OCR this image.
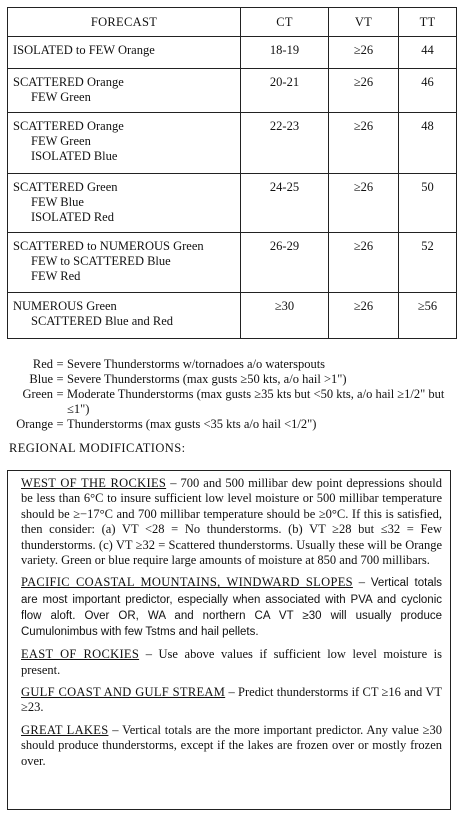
FORECAST	CT	VT	TT

ISOLATED to FEW Orange	18-19	≥26	44

SCATTERED Orange
FEW Green	20-21	≥26	46

SCATTERED Orange
FEW Green
ISOLATED Blue	22-23	≥26	48

SCATTERED Green
FEW Blue
ISOLATED Red	24-25	≥26	50

SCATTERED to NUMEROUS Green
FEW to SCATTERED Blue
FEW Red	26-29	≥26	52

NUMEROUS Green
SCATTERED Blue and Red	≥30	≥26	≥56
Red = Severe Thunderstorms w/tornadoes a/o waterspouts
Blue = Severe Thunderstorms (max gusts ≥50 kts, a/o hail >1")
Green = Moderate Thunderstorms (max gusts ≥35 kts but <50 kts, a/o hail ≥1/2" but ≤1")
Orange = Thunderstorms (max gusts <35 kts a/o hail <1/2")
REGIONAL MODIFICATIONS:
WEST OF THE ROCKIES – 700 and 500 millibar dew point depressions should be less than 6°C to insure sufficient low level moisture or 500 millibar temperature should be ≥−17°C and 700 millibar temperature should be ≥0°C. If this is satisfied, then consider: (a) VT <28 = No thunderstorms. (b) VT ≥28 but ≤32 = Few thunderstorms. (c) VT ≥32 = Scattered thunderstorms. Usually these will be Orange variety. Green or blue require large amounts of moisture at 850 and 700 millibars.
PACIFIC COASTAL MOUNTAINS, WINDWARD SLOPES – Vertical totals are most important predictor, especially when associated with PVA and cyclonic flow aloft. Over OR, WA and northern CA VT ≥30 will usually produce Cumulonimbus with few Tstms and hail pellets.
EAST OF ROCKIES – Use above values if sufficient low level moisture is present.
GULF COAST AND GULF STREAM – Predict thunderstorms if CT ≥16 and VT ≥23.
GREAT LAKES – Vertical totals are the more important predictor. Any value ≥30 should produce thunderstorms, except if the lakes are frozen over or mostly frozen over.
